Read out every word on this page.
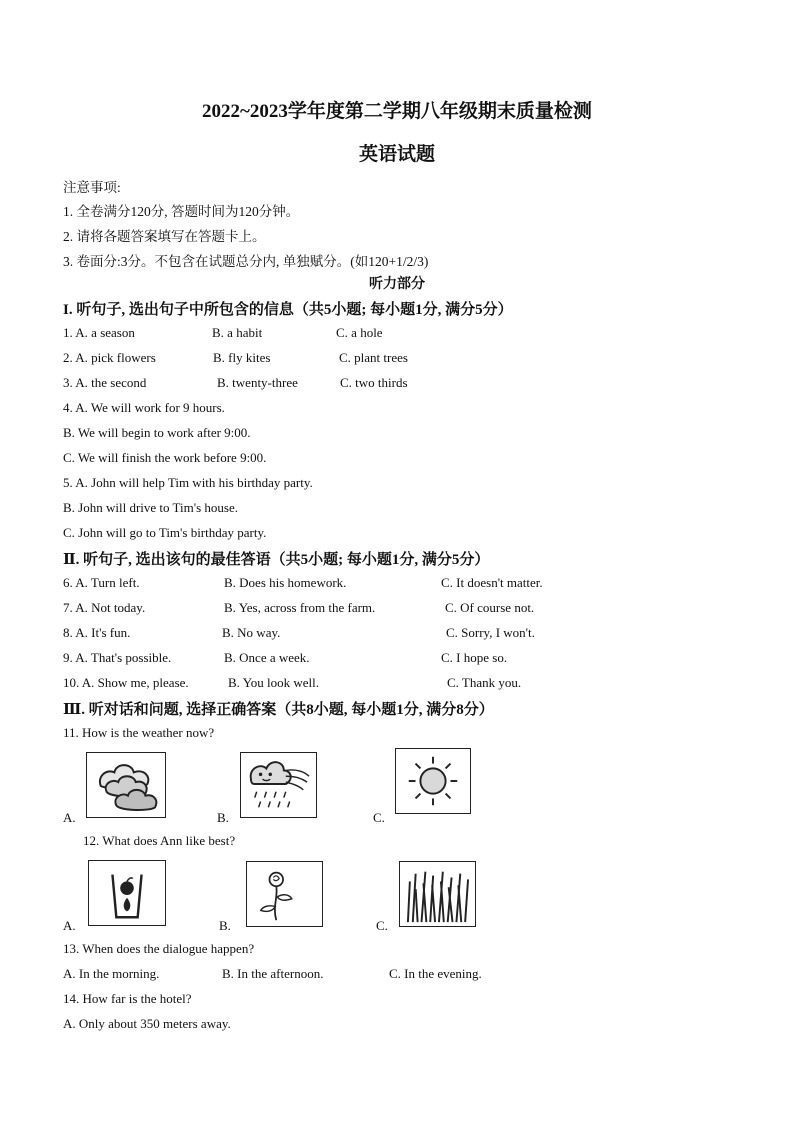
2022~2023学年度第二学期八年级期末质量检测
英语试题
注意事项:
1. 全卷满分120分, 答题时间为120分钟。
2. 请将各题答案填写在答题卡上。
3. 卷面分:3分。不包含在试题总分内, 单独赋分。(如120+1/2/3)
听力部分
I. 听句子, 选出句子中所包含的信息（共5小题; 每小题1分, 满分5分）
1. A. a season	B. a habit	C. a hole
2. A. pick flowers	B. fly kites	C. plant trees
3. A. the second	B. twenty-three	C. two thirds
4. A. We will work for 9 hours.
B. We will begin to work after 9:00.
C. We will finish the work before 9:00.
5. A. John will help Tim with his birthday party.
B. John will drive to Tim's house.
C. John will go to Tim's birthday party.
Ⅱ. 听句子, 选出该句的最佳答语（共5小题; 每小题1分, 满分5分）
6. A. Turn left.	B. Does his homework.	C. It doesn't matter.
7. A. Not today.	B. Yes, across from the farm.	C. Of course not.
8. A. It's fun.	B. No way.	C. Sorry, I won't.
9. A. That's possible.	B. Once a week.	C. I hope so.
10. A. Show me, please.	B. You look well.	C. Thank you.
Ⅲ. 听对话和问题, 选择正确答案（共8小题, 每小题1分, 满分8分）
11. How is the weather now?
A.	B.	C.
12. What does Ann like best?
A.	B.	C.
13. When does the dialogue happen?
A. In the morning.	B. In the afternoon.	C. In the evening.
14. How far is the hotel?
A. Only about 350 meters away.
